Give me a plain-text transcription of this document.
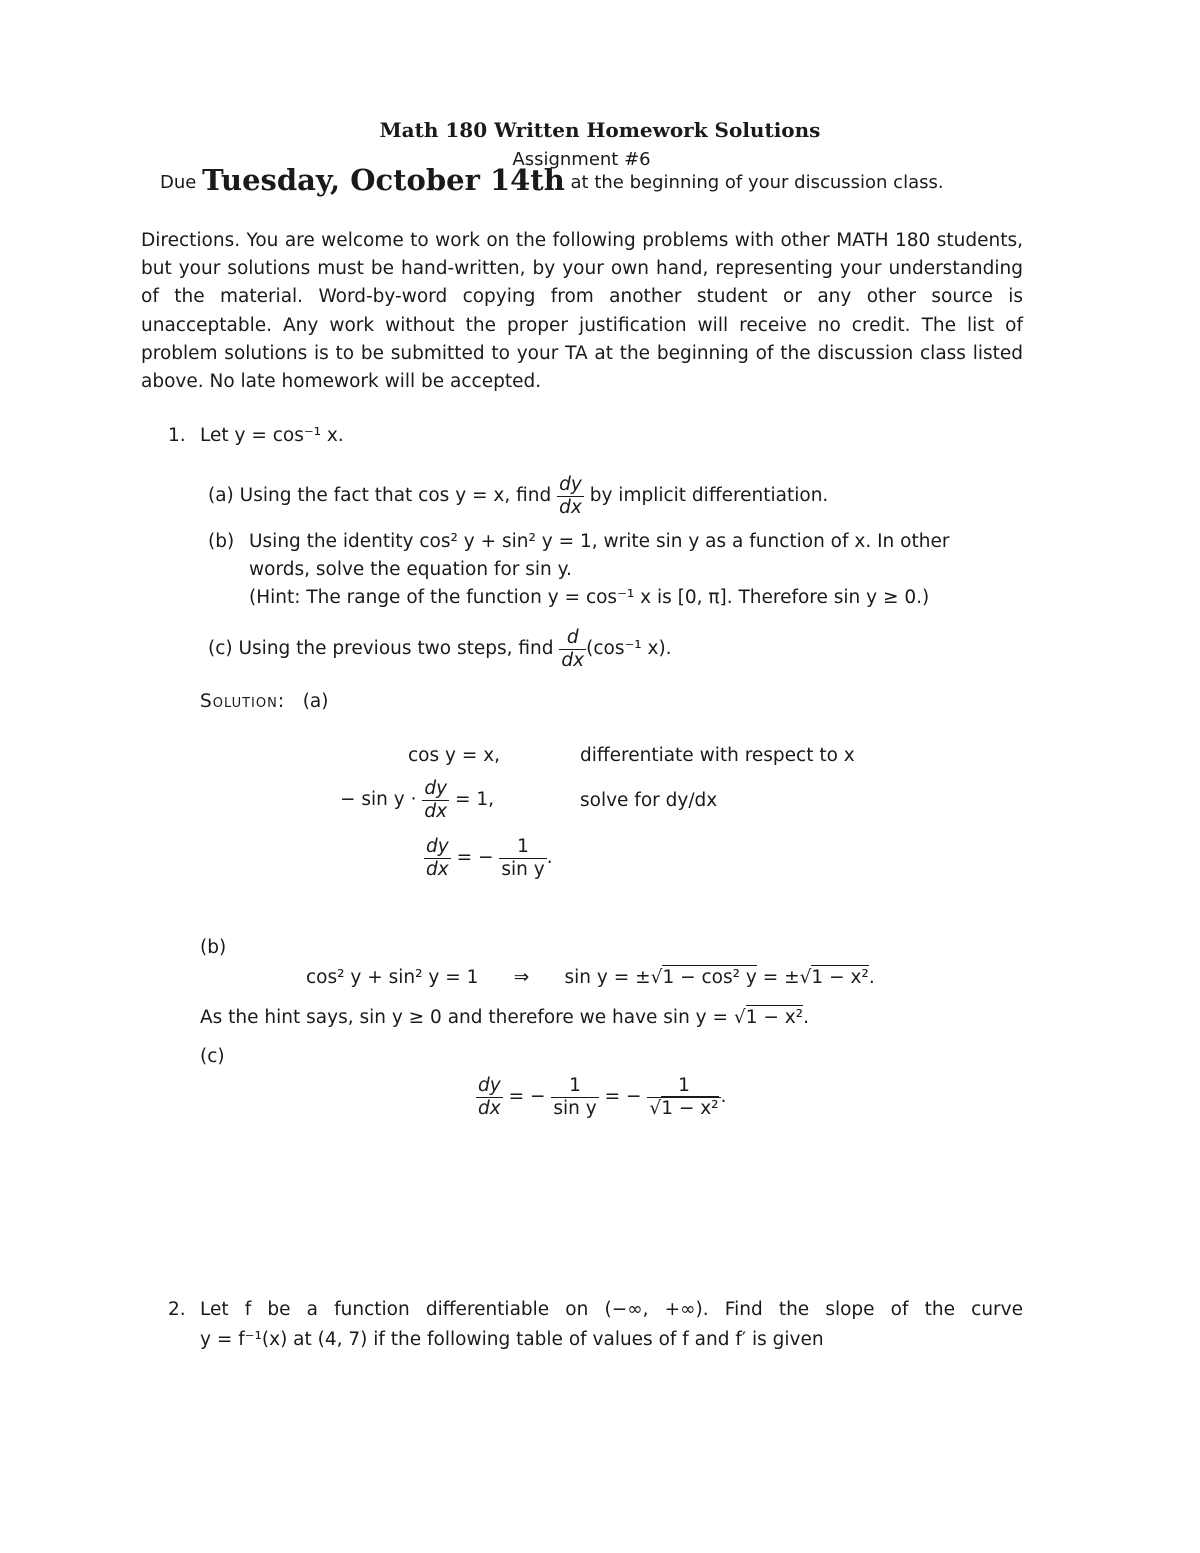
Math 180 Written Homework Solutions
Assignment #6
Due Tuesday, October 14th at the beginning of your discussion class.
Directions. You are welcome to work on the following problems with other MATH 180 students, but your solutions must be hand-written, by your own hand, representing your understanding of the material. Word-by-word copying from another student or any other source is unacceptable. Any work without the proper justification will receive no credit. The list of problem solutions is to be submitted to your TA at the beginning of the discussion class listed above. No late homework will be accepted.
1. Let y = cos⁻¹ x.
(a) Using the fact that cos y = x, find $\frac{dy}{dx}$ by implicit differentiation.
(b) Using the identity cos² y + sin² y = 1, write sin y as a function of x. In other
words, solve the equation for sin y.
(Hint: The range of the function y = cos⁻¹ x is [0, π]. Therefore sin y ≥ 0.)
(c) Using the previous two steps, find $\frac{d}{dx} (\cos^{-1}$ x).
Solution: (a)
cos y = x,	differentiate with respect to x
− $\sin y \cdot \frac{dy}{dx} = 1$,	solve for dy/dx
$\frac{dy}{dx}$ = − $\frac{1}{\text{sin y}}$ .
(b)
cos² y + sin² y = 1 ⇒ sin y = ±√1 − cos² y = ±√1 − x².
As the hint says, sin y ≥ 0 and therefore we have sin y = √1 − x².
(c)
$\frac{dy}{dx}$ = − $\frac{1}{\text{sin y}}$ = − $\frac{1}{\text{√1 − x²}}$ .
2. Let f be a function differentiable on (−∞, +∞). Find the slope of the curve
y = f⁻¹(x) at (4, 7) if the following table of values of f and f′ is given
